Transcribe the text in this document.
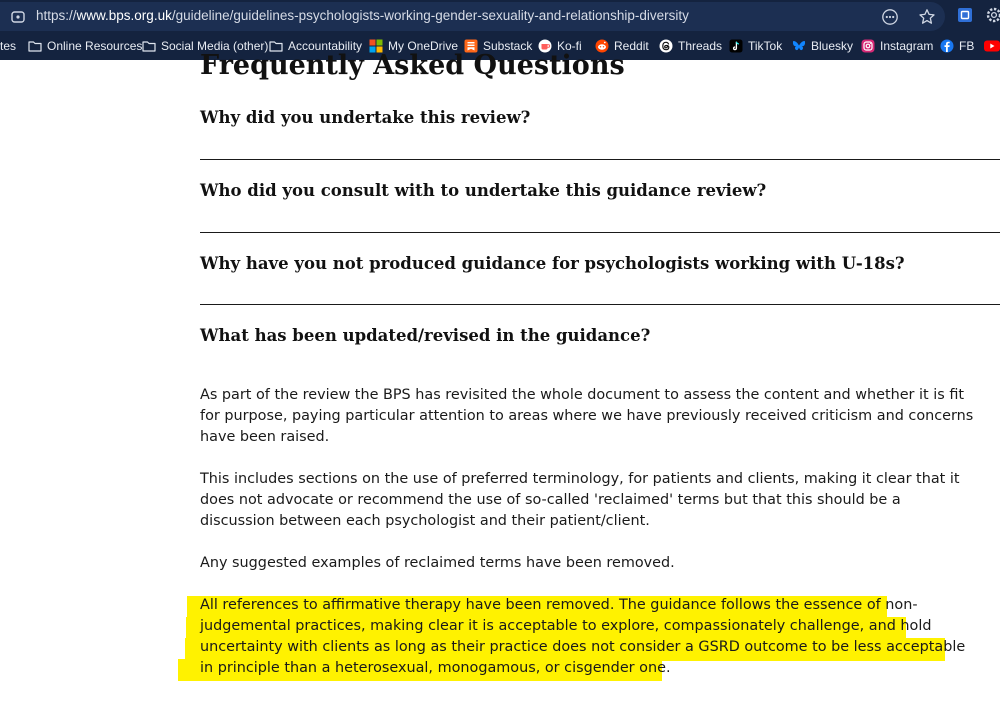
https://www.bps.org.uk/guideline/guidelines-psychologists-working-gender-sexuality-and-relationship-diversity
tes	Online Resources Social Media (other) Accountability My OneDrive Substack Ko-fi	Reddit Threads TikTok Bluesky Instagram FB
Frequently Asked Questions
Why did you undertake this review?
Who did you consult with to undertake this guidance review?
Why have you not produced guidance for psychologists working with U-18s?
What has been updated/revised in the guidance?
As part of the review the BPS has revisited the whole document to assess the content and whether it is fit
for purpose, paying particular attention to areas where we have previously received criticism and concerns
have been raised.
This includes sections on the use of preferred terminology, for patients and clients, making it clear that it
does not advocate or recommend the use of so-called 'reclaimed' terms but that this should be a
discussion between each psychologist and their patient/client.
Any suggested examples of reclaimed terms have been removed.
All references to affirmative therapy have been removed. The guidance follows the essence of non-
judgemental practices, making clear it is acceptable to explore, compassionately challenge, and hold
uncertainty with clients as long as their practice does not consider a GSRD outcome to be less acceptable
in principle than a heterosexual, monogamous, or cisgender one.
